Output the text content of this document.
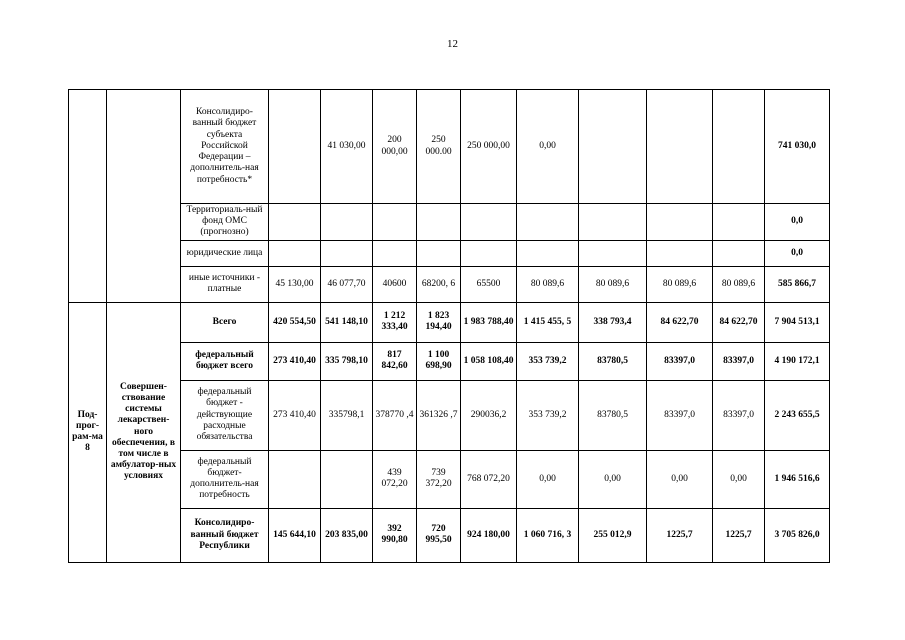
12
		Консолидиро-ванный бюджет субъекта Российской Федерации – дополнитель-ная потребность*		41 030,00	200 000,00	250 000.00	250 000,00	0,00				741 030,0
		Территориаль-ный фонд ОМС (прогнозно)										0,0
		юридические лица										0,0
		иные источники - платные	45 130,00	46 077,70	40600	68200, 6	65500	80 089,6	80 089,6	80 089,6	80 089,6	585 866,7
Под-прог-рам-ма 8	Совершен-ствование системы лекарствен-ного обеспечения, в том числе в амбулатор-ных условиях	Всего	420 554,50	541 148,10	1 212 333,40	1 823 194,40	1 983 788,40	1 415 455, 5	338 793,4	84 622,70	84 622,70	7 904 513,1
		федеральный бюджет всего	273 410,40	335 798,10	817 842,60	1 100 698,90	1 058 108,40	353 739,2	83780,5	83397,0	83397,0	4 190 172,1
		федеральный бюджет - действующие расходные обязательства	273 410,40	335798,1	378770 ,4	361326 ,7	290036,2	353 739,2	83780,5	83397,0	83397,0	2 243 655,5
		федеральный бюджет-дополнитель-ная потребность			439 072,20	739 372,20	768 072,20	0,00	0,00	0,00	0,00	1 946 516,6
		Консолидиро-ванный бюджет Республики	145 644,10	203 835,00	392 990,80	720 995,50	924 180,00	1 060 716, 3	255 012,9	1225,7	1225,7	3 705 826,0
